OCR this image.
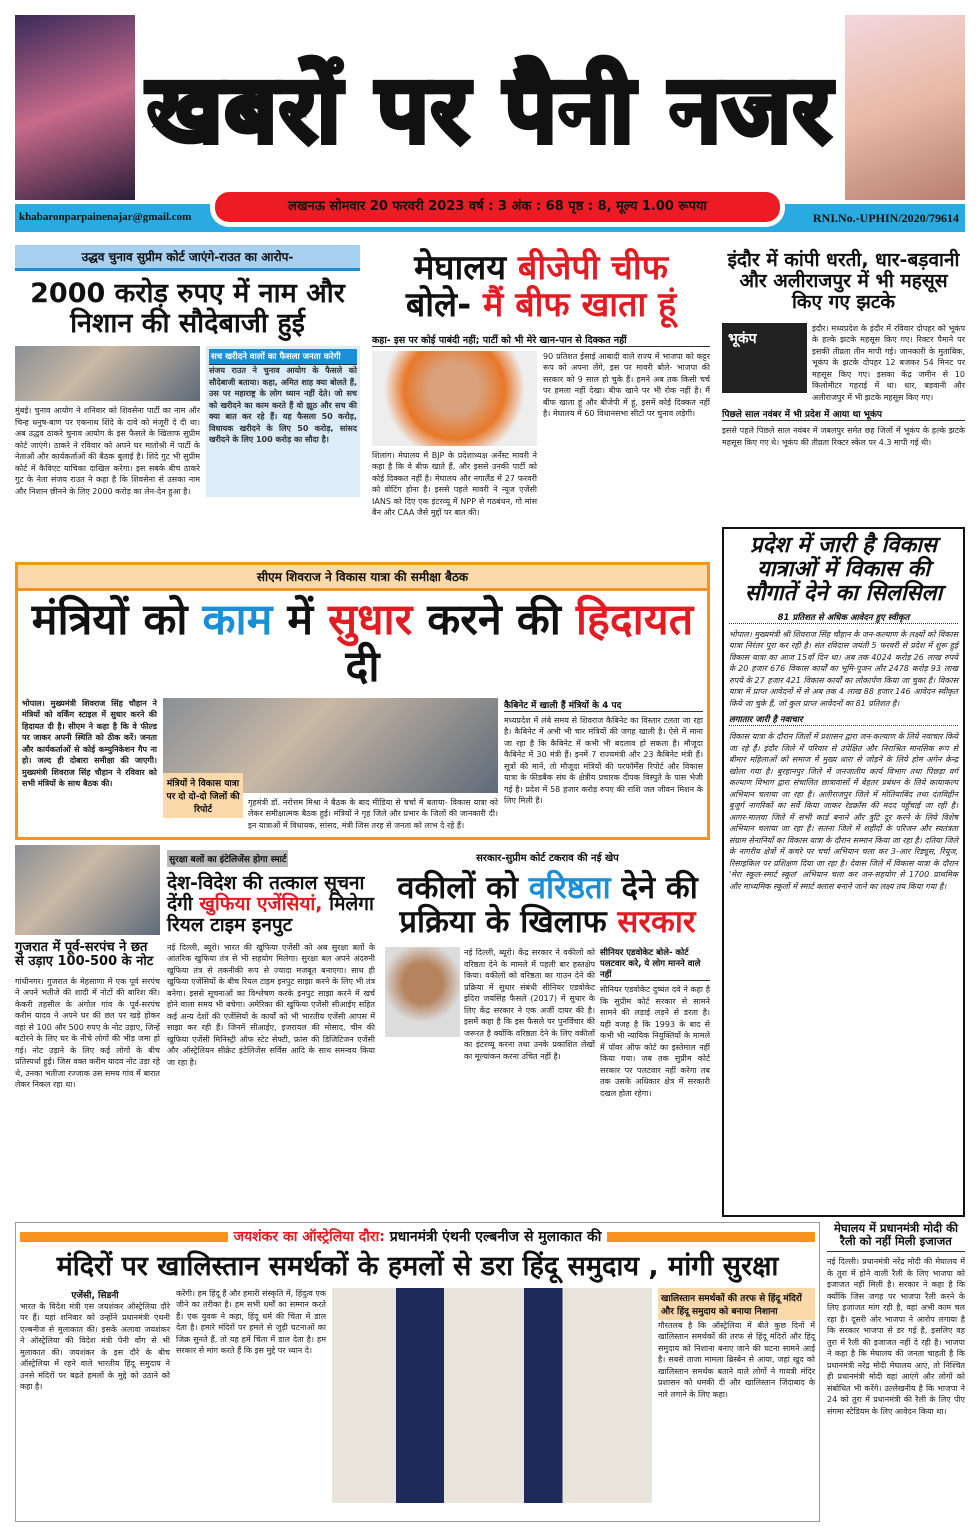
खबरों पर पैनी नजर
khabaronparpainenajar@gmail.com	RNI.No.-UPHIN/2020/79614
लखनऊ सोमवार 20 फरवरी 2023 वर्ष : 3 अंक : 68 पृष्ठ : 8, मूल्य 1.00 रूपया
उद्धव चुनाव सुप्रीम कोर्ट जाएंगे-राउत का आरोप-
2000 करोड़ रुपए में नाम और निशान की सौदेबाजी हुई
मुंबई। चुनाव आयोग ने शनिवार को शिवसेना पार्टी का नाम और चिन्ह धनुष-बाण पर एकनाथ शिंदे के दावे को मंजूरी दे दी था। अब उद्धव ठाकरे चुनाव आयोग के इस फैसले के खिलाफ सुप्रीम कोर्ट जाएंगे। ठाकरे ने रविवार को अपने घर मातोश्री में पार्टी के नेताओं और कार्यकर्ताओं की बैठक बुलाई है। शिंदे गुट भी सुप्रीम कोर्ट में कैविएट याचिका दाखिल करेगा। इस सबके बीच ठाकरे गुट के नेता संजय राउत ने कहा है कि शिवसेना से उसका नाम और निशान छीनने के लिए 2000 करोड़ का लेन-देन हुआ है।
सच खरीदने वालों का फैसला जनता करेगी
संजय राउत ने चुनाव आयोग के फैसले को सौदेबाजी बताया। कहा, अमित शाह क्या बोलते हैं, उस पर महाराष्ट्र के लोग ध्यान नहीं देते। जो सच को खरीदने का काम करते हैं वो झूठ और सच की क्या बात कर रहे हैं। यह फैसला 50 करोड़, विधायक खरीदने के लिए 50 करोड़, सांसद खरीदने के लिए 100 करोड़ का सौदा है।
मेघालय बीजेपी चीफ
बोले- मैं बीफ खाता हूं
कहा- इस पर कोई पाबंदी नहीं; पार्टी को भी मेरे खान-पान से दिक्कत नहीं
शिलांग। मेघालय में BJP के प्रदेशाध्यक्ष अर्नेस्ट मावरी ने कहा है कि वे बीफ खाते हैं, और इससे उनकी पार्टी को कोई दिक्कत नहीं है। मेघालय और नगालैंड में 27 फरवरी को वोटिंग होना है। इससे पहले मावरी ने न्यूज एजेंसी IANS को दिए एक इंटरव्यू में NPP से गठबंधन, गो मांस बैन और CAA जैसे मुद्दों पर बात की।
90 प्रतिशत ईसाई आबादी वाले राज्य में भाजपा को कट्टर रूप को अपना लेंगे, इस पर मावरी बोले- भाजपा की सरकार को 9 साल हो चुके हैं। हमने अब तक किसी चर्च पर हमला नहीं देखा। बीफ खाने पर भी रोक नहीं है। मैं बीफ खाता हूं और बीजेपी में हूं, इसमें कोई दिक्कत नहीं है। मेघालय में 60 विधानसभा सीटों पर चुनाव लड़ेगी।
इंदौर में कांपी धरती, धार-बड़वानी और अलीराजपुर में भी महसूस किए गए झटके
भूकंप
इंदौर। मध्यप्रदेश के इंदौर में रविवार दोपहर को भूकंप के हल्के झटके महसूस किए गए। रिक्टर पैमाने पर इसकी तीव्रता तीन मापी गई। जानकारी के मुताबिक, भूकंप के झटके दोपहर 12 बजकर 54 मिनट पर महसूस किए गए। इसका केंद्र जमीन से 10 किलोमीटर गहराई में था। धार, बड़वानी और अलीराजपुर में भी झटके महसूस किए गए।
पिछले साल नवंबर में भी प्रदेश में आया था भूकंप
इससे पहले पिछले साल नवंबर में जबलपुर समेत छह जिलों में भूकंप के हल्के झटके महसूस किए गए थे। भूकंप की तीव्रता रिक्टर स्केल पर 4.3 मापी गई थी।
सीएम शिवराज ने विकास यात्रा की समीक्षा बैठक
मंत्रियों को काम में सुधार करने की हिदायत दी
भोपाल। मुख्यमंत्री शिवराज सिंह चौहान ने मंत्रियों को वर्किंग स्टाइल में सुधार करने की हिदायत दी है। सीएम ने कहा है कि वे फील्ड पर जाकर अपनी स्थिति को ठीक करें। जनता और कार्यकर्ताओं से कोई कम्युनिकेशन गैप ना हो। जल्द ही दोबारा समीक्षा की जाएगी। मुख्यमंत्री शिवराज सिंह चौहान ने रविवार को सभी मंत्रियों के साथ बैठक की।	मंत्रियों ने विकास यात्रा पर दो दो-दो जिलों की रिपोर्ट
गृहमंत्री डॉ. नरोत्तम मिश्रा ने बैठक के बाद मीडिया से चर्चा में बताया- विकास यात्रा को लेकर समीक्षात्मक बैठक हुई। मंत्रियों ने गृह जिले और प्रभार के जिलों की जानकारी दी। इन यात्राओं में विधायक, सांसद, मंत्री जिस तरह से जनता को लाभ दे रहे हैं।
कैबिनेट में खाली हैं मंत्रियों के 4 पद
मध्यप्रदेश में लंबे समय से शिवराज कैबिनेट का विस्तार टलता जा रहा है। कैबिनेट में अभी भी चार मंत्रियों की जगह खाली है। ऐसे में माना जा रहा है कि कैबिनेट में कभी भी बदलाव हो सकता है। मौजूदा कैबिनेट में 30 मंत्री हैं। इनमें 7 राज्यमंत्री और 23 कैबिनेट मंत्री हैं। सूत्रों की मानें, तो मौजूदा मंत्रियों की परफॉर्मेंस रिपोर्ट और विकास यात्रा के फीडबैक संघ के क्षेत्रीय प्रचारक दीपक विस्पुते के पास भेजी गई है। प्रदेश में 58 हजार करोड़ रुपए की राशि जल जीवन मिशन के लिए मिली है।
प्रदेश में जारी है विकास यात्राओं में विकास की सौगातें देने का सिलसिला
81 प्रतिशत से अधिक आवेदन हुए स्वीकृत
भोपाल। मुख्यमंत्री श्री शिवराज सिंह चौहान के जन-कल्याण के लक्ष्यों को विकास यात्रा निरंतर पूरा कर रही है। संत रविदास जयंती 5 फरवरी से प्रदेश में शुरू हुई विकास यात्रा का आज 15वाँ दिन था। अब तक 4024 करोड़ 26 लाख रुपये के 20 हजार 676 विकास कार्यों का भूमि-पूजन और 2478 करोड़ 93 लाख रुपये के 27 हजार 421 विकास कार्यों का लोकार्पण किया जा चुका है। विकास यात्रा में प्राप्त आवेदनों में से अब तक 4 लाख 88 हजार 146 आवेदन स्वीकृत किये जा चुके हैं, जो कुल प्राप्त आवेदनों का 81 प्रतिशत है।
लगातार जारी है नवाचार
विकास यात्रा के दौरान जिलों में प्रशासन द्वारा जन-कल्याण के लिये नवाचार किये जा रहे हैं। इंदौर जिले में परिवार से उपेक्षित और निराश्रित मानसिक रूप से बीमार महिलाओं को समाज में मुख्य धारा से जोड़ने के लिये होम अगेन केन्द्र खोला गया है। बुरहानपुर जिले में जनजातीय कार्य विभाग तथा पिछड़ा वर्ग कल्याण विभाग द्वारा संचालित छात्रावासों में बेहतर प्रबंधन के लिये कायाकल्प अभियान चलाया जा रहा है। अलीराजपुर जिले में मोतियाबिंद तथा दंतविहीन बुजुर्ग नागरिकों का सर्वे किया जाकर रेडक्रॉस की मदद पहुँचाई जा रही है। आगर-मालवा जिले में सभी कार्ड बनाने और त्रुटि दूर करने के लिये विशेष अभियान चलाया जा रहा है। सतना जिले में शहीदों के परिजन और स्वतंत्रता संग्राम सेनानियों का विकास यात्रा के दौरान सम्मान किया जा रहा है। दतिया जिले के नागरीय क्षेत्रों में कचरे पर चर्चा अभियान चला कर 3-आर रिड्यूस, रियूज, रिसाइकिल पर प्रशिक्षण दिया जा रहा है। देवास जिले में विकास यात्रा के दौरान 'मेरा स्कूल-स्मार्ट स्कूल' अभियान चला कर जन-सहयोग से 1700 प्राथमिक और माध्यमिक स्कूलों में स्मार्ट क्लास बनाने जाने का लक्ष्य तय किया गया है।
गुजरात में पूर्व-सरपंच ने छत से उड़ाए 100-500 के नोट
गांधीनगर। गुजरात के मेहसाणा में एक पूर्व सरपंच ने अपने भतीजे की शादी में नोटों की बारिश की। केकरी तहसील के अंगोल गांव के पूर्व-सरपंच करीम यादव ने अपने घर की छत पर खड़े होकर वहां से 100 और 500 रुपए के नोट उड़ाए, जिन्हें बटोरने के लिए घर के नीचे लोगों की भीड़ जमा हो गई। नोट उड़ाने के लिए कई लोगों के बीच प्रतिस्पर्धा हुई। जिस वक्त करीम यादव नोट उड़ा रहे थे, उनका भतीजा रज्जाक उस समय गांव में बारात लेकर निकल रहा था।
सुरक्षा बलों का इंटेलिजेंस होगा स्मार्ट
देश-विदेश की तत्काल सूचना देंगी खुफिया एजेंसियां, मिलेगा रियल टाइम इनपुट
नई दिल्ली, ब्यूरो। भारत की खुफिया एजेंसी को अब सुरक्षा बलों के आंतरिक खुफिया तंत्र से भी सहयोग मिलेगा। सुरक्षा बल अपने अंदरुनी खुफिया तंत्र से तकनीकी रूप से ज्यादा मजबूत बनाएगा। साथ ही खुफिया एजेंसियों के बीच रियल टाइम इनपुट साझा करने के लिए भी तंत्र बनेगा। इससे सूचनाओं का विश्लेषण करके इनपुट साझा करने में खर्च होने वाला समय भी बचेगा। अमेरिका की खुफिया एजेंसी सीआईए सहित कई अन्य देशों की एजेंसियों के कार्यों को भी भारतीय एजेंसी आपस में साझा कर रही हैं। जिनमें सीआईए, इजरायल की मोसाद, चीन की खुफिया एजेंसी मिनिस्ट्री ऑफ स्टेट सेफ्टी, फ्रांस की डिजिटिजन एजेंसी और ऑस्ट्रेलियन सीक्रेट इंटेलिजेंस सर्विस आदि के साथ समन्वय किया जा रहा है।
सरकार-सुप्रीम कोर्ट टकराव की नई खेप
वकीलों को वरिष्ठता देने की प्रक्रिया के खिलाफ सरकार
नई दिल्ली, ब्यूरो। केंद्र सरकार ने वकीलों को वरिष्ठता देने के मामले में पहली बार हस्तक्षेप किया। वकीलों को वरिष्ठता का गाउन देने की प्रक्रिया में सुधार संबंधी सीनियर एडवोकेट इंदिरा जयसिंह फैसले (2017) में सुधार के लिए केंद्र सरकार ने एक अर्जी दायर की है। इसमें कहा है कि इस फैसले पर पुनर्विचार की जरूरत है क्योंकि वरिष्ठता देने के लिए वकीलों का इंटरव्यू करना तथा उनके प्रकाशित लेखों का मूल्यांकन करना उचित नहीं है।
सीनियर एडवोकेट बोले- कोर्ट पलटवार करे, ये लोग मानने वाले नहीं
सीनियर एडवोकेट दुष्यंत दवे ने कहा है कि सुप्रीम कोर्ट सरकार से सामने सामने की लड़ाई लड़ने से डरता है। यही वजह है कि 1993 के बाद से कभी भी न्यायिक नियुक्तियों के मामले में पॉवर ऑफ कोर्ट का इस्तेमाल नहीं किया गया। जब तक सुप्रीम कोर्ट सरकार पर पलटवार नहीं करेगा तब तक उसके अधिकार क्षेत्र में सरकारी दखल होता रहेगा।
जयशंकर का ऑस्ट्रेलिया दौरा: प्रधानमंत्री एंथनी एल्बनीज से मुलाकात की
मंदिरों पर खालिस्तान समर्थकों के हमलों से डरा हिंदू समुदाय , मांगी सुरक्षा
एजेंसी, सिडनी
भारत के विदेश मंत्री एस जयशंकर ऑस्ट्रेलिया दौरे पर हैं। यहां शनिवार को उन्होंने प्रधानमंत्री एंथनी एल्बनीज से मुलाकात की। इसके अलावा जयशंकर ने ऑस्ट्रेलिया की विदेश मंत्री पेनी वोंग से भी मुलाकात की। जयशंकर के इस दौरे के बीच ऑस्ट्रेलिया में रहने वाले भारतीय हिंदू समुदाय ने उनसे मंदिरों पर बढ़ते हमलों के मुद्दे को उठाने को कहा है।
करेंगी। हम हिंदू हैं और हमारी संस्कृति में, हिंदुत्व एक जीने का तरीका है। हम सभी धर्मों का सम्मान करते हैं। एक युवक ने कहा, हिंदू धर्म की चिंता में डाल देता है। हमारे मंदिरों पर हमले से जुड़ी घटनाओं का जिक्र सुनते हैं, तो यह हमें चिंता में डाल देता है। हम सरकार से मांग करते हैं कि इस मुद्दे पर ध्यान दे।
खालिस्तान समर्थकों की तरफ से हिंदू मंदिरों और हिंदू समुदाय को बनाया निशाना
गौरतलब है कि ऑस्ट्रेलिया में बीते कुछ दिनों में खालिस्तान समर्थकों की तरफ से हिंदू मंदिरों और हिंदू समुदाय को निशाना बनाए जाने की घटना सामने आई है। सबसे ताजा मामला ब्रिस्बेन से आया, जहां खुद को खालिस्तान समर्थक बताने वाले लोगों ने गायत्री मंदिर प्रशासन को धमकी दी और खालिस्तान जिंदाबाद के नारे लगाने के लिए कहा।
मेघालय में प्रधानमंत्री मोदी की रैली को नहीं मिली इजाजत
नई दिल्ली। प्रधानमंत्री नरेंद्र मोदी की मेघालय में के तुरा में होने वाली रैली के लिए भाजपा को इजाजत नहीं मिली है। सरकार ने कहा है कि क्योंकि जिस जगह पर भाजपा रैली करने के लिए इजाजत मांग रही है, वहां अभी काम चल रहा है। दूसरी ओर भाजपा ने आरोप लगाया है कि सरकार भाजपा से डर गई है, इसलिए वह तुरा में रैली की इजाजत नहीं दे रही है। भाजपा ने कहा है कि मेघालय की जनता चाहती है कि प्रधानमंत्री नरेंद्र मोदी मेघालय आएं, तो निश्चित ही प्रधानमंत्री मोदी वहां आएंगे और लोगों को संबोधित भी करेंगे। उल्लेखनीय है कि भाजपा ने 24 को तुरा में प्रधानमंत्री की रैली के लिए पीए संगमा स्टेडियम के लिए आवेदन किया था।
